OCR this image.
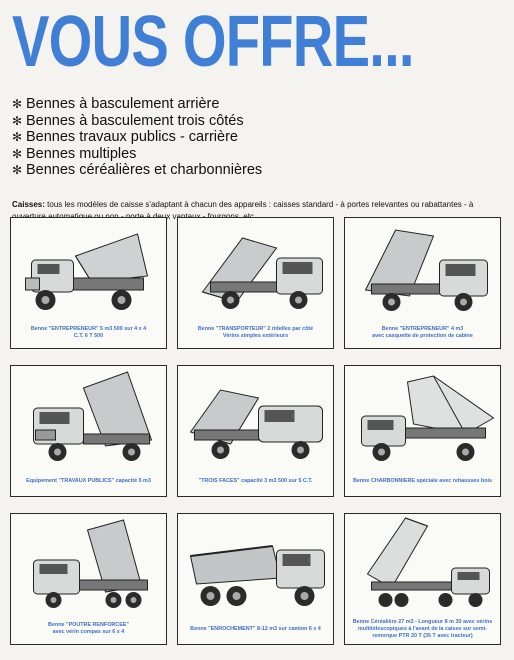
VOUS OFFRE...
✻ Bennes à basculement arrière
✻ Bennes à basculement trois côtés
✻ Bennes travaux publics - carrière
✻ Bennes multiples
✻ Bennes céréalières et charbonnières

Caisses: tous les modèles de caisse s'adaptant à chacun des appareils : caisses standard - à portes relevantes ou rabattantes - à

Benne "ENTREPRENEUR" 5 m3 500 sur 4 x 4
C.T. 6 T 500
Benne "TRANSPORTEUR" 2 ridelles par côté
Vérins simples extérieurs
Benne "ENTREPRENEUR" 4 m3
avec casquette de protection de cabine
Equipement "TRAVAUX PUBLICS" capacité 5 m3	"TROIS FACES" capacité 3 m3 500 sur 5 C.T.	Benne CHARBONNIERE spéciale avec rehausses bois
Benne "POUTRE RENFORCEE"
avec vérin compas sur 6 x 4
Benne "ENROCHEMENT" 8-12 m3 sur camion 6 x 4
Benne Céréalière 27 m3 - Longueur 8 m 30 avec vérins multitélescopiques à l'avant de la caisse sur semi-remorque PTR 20 T (35 T avec tracteur)
